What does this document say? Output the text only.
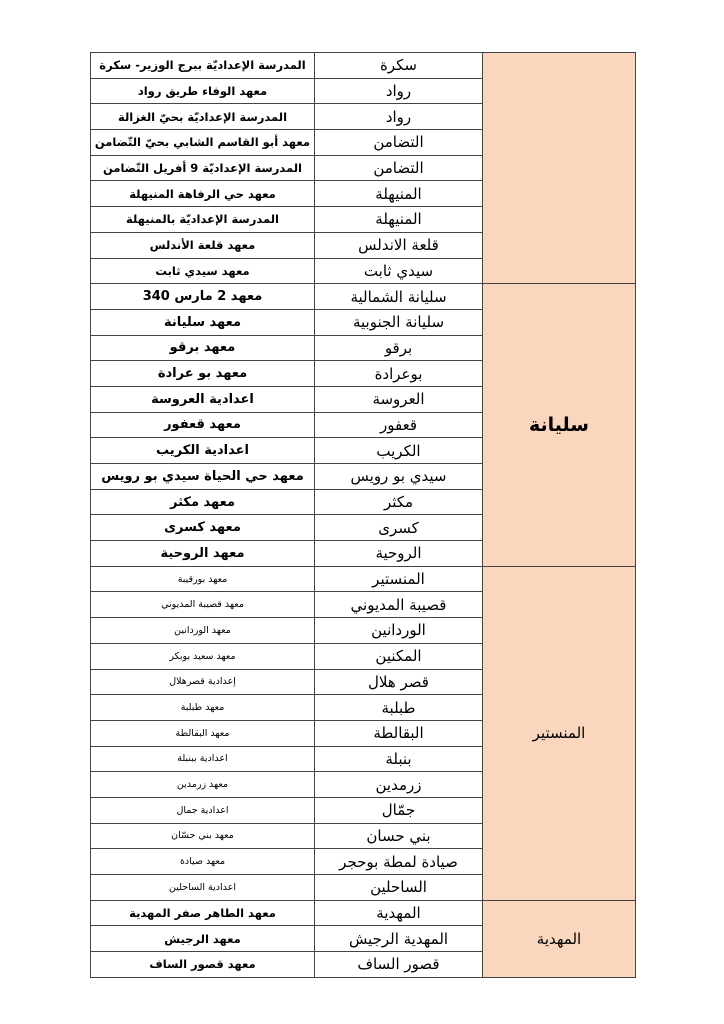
	سكرة	المدرسة الإعداديّة ببرج الوزير- سكرة
	رواد	معهد الوفاء طريق رواد
	رواد	المدرسة الإعداديّة بحيّ الغزالة
	التضامن	معهد أبو القاسم الشابي بحيّ التّضامن
	التضامن	المدرسة الإعداديّة 9 أفريل التّضامن
	المنيهلة	معهد حي الرفاهة المنيهلة
	المنيهلة	المدرسة الإعداديّة بالمنيهلة
	قلعة الاندلس	معهد قلعة الأندلس
	سيدي ثابت	معهد سيدي ثابت
سليانة	سليانة الشمالية	معهد 2 مارس 340
	سليانة الجنوبية	معهد سليانة
	برقو	معهد برقو
	بوعرادة	معهد بو عرادة
	العروسة	اعدادية العروسة
	قعفور	معهد قعفور
	الكريب	اعدادية الكريب
	سيدي بو رويس	معهد حي الحياة سيدي بو رويس
	مكثر	معهد مكثر
	كسرى	معهد كسرى
	الروحية	معهد الروحية
المنستير	المنستير	معهد بورقيبة
	قصيبة المديوني	معهد قصيبة المديوني
	الوردانين	معهد الوردانين
	المكنين	معهد سعيد بوبكر
	قصر هلال	إعدادية قصرهلال
	طبلبة	معهد طبلبة
	البقالطة	معهد البقالطة
	بنبلة	اعدادية ببنبلة
	زرمدين	معهد زرمدين
	جمّال	اعدادية جمال
	بني حسان	معهد بني حسّان
	صيادة لمطة بوحجر	معهد صيادة
	الساحلين	اعدادية الساحلين
المهدية	المهدية	معهد الطاهر صفر المهدية
	المهدية الرجيش	معهد الرجيش
	قصور الساف	معهد قصور الساف
